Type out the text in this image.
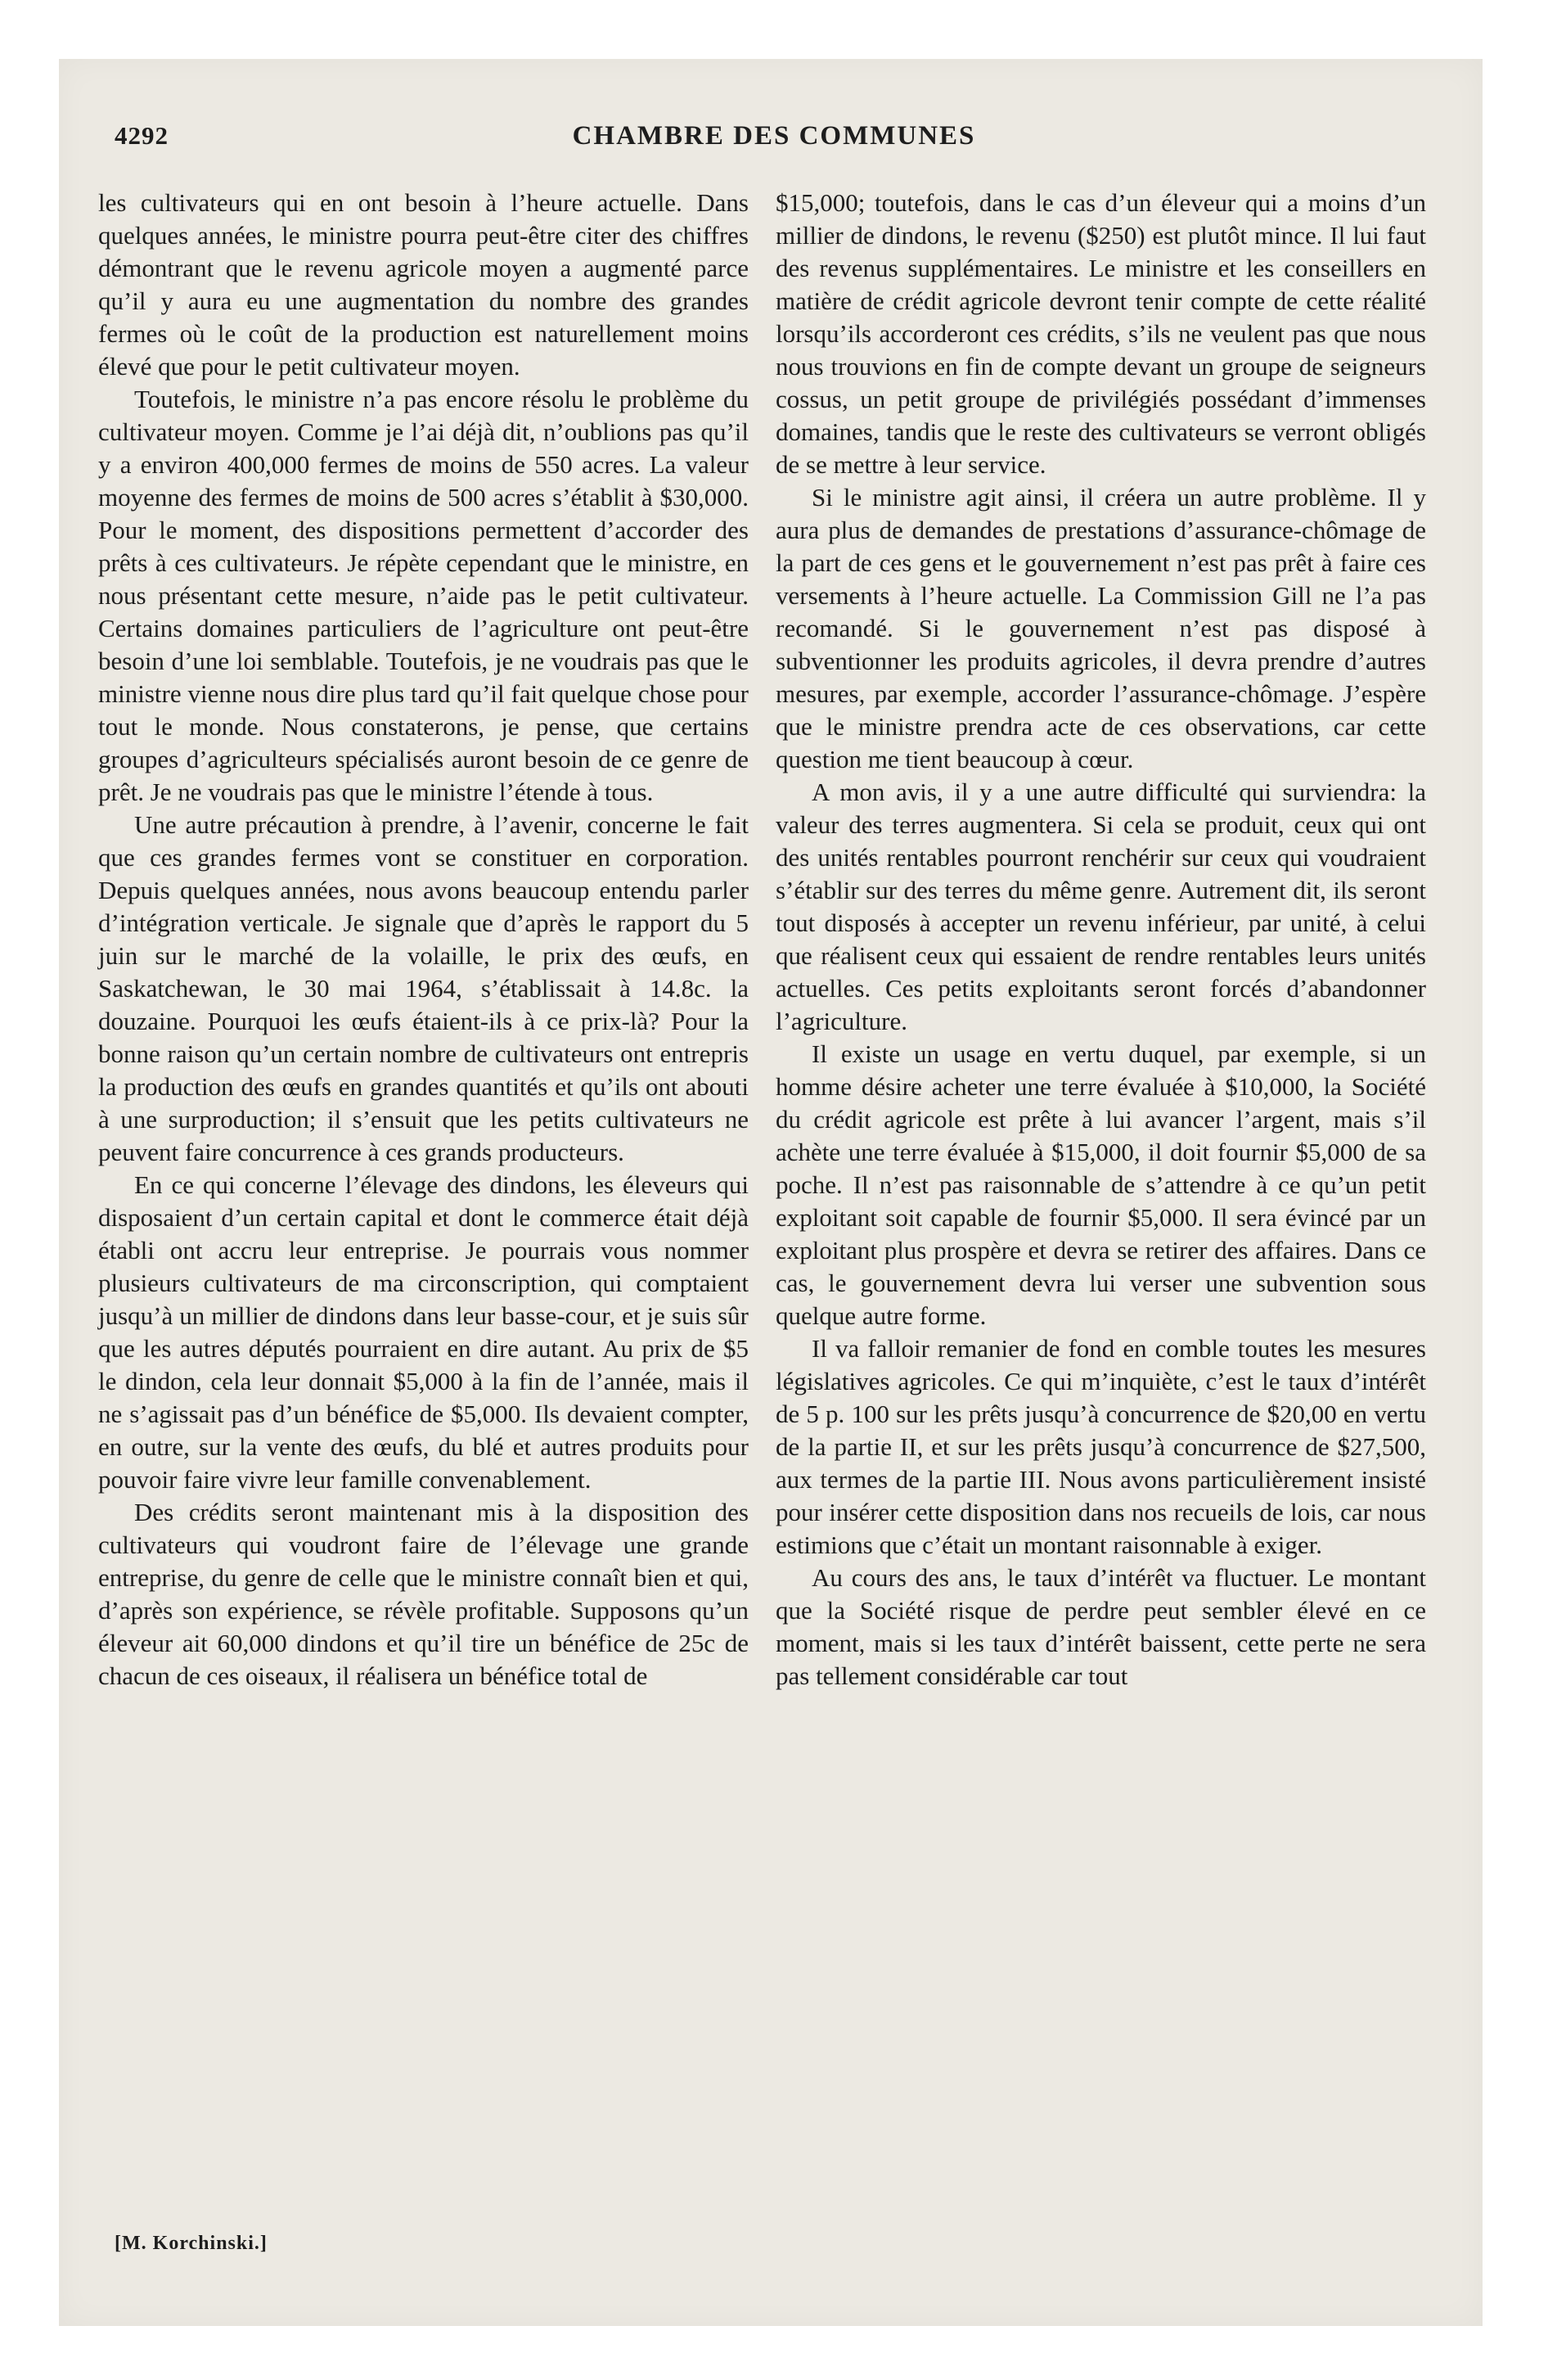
4292	CHAMBRE DES COMMUNES

les cultivateurs qui en ont besoin à l’heure actuelle. Dans quelques années, le ministre pourra peut-être citer des chiffres démontrant que le revenu agricole moyen a augmenté parce qu’il y aura eu une augmentation du nombre des grandes fermes où le coût de la production est naturellement moins élevé que pour le petit cultivateur moyen.

Toutefois, le ministre n’a pas encore résolu le problème du cultivateur moyen. Comme je l’ai déjà dit, n’oublions pas qu’il y a environ 400,000 fermes de moins de 550 acres. La valeur moyenne des fermes de moins de 500 acres s’établit à $30,000. Pour le moment, des dispositions permettent d’accorder des prêts à ces cultivateurs. Je répète cependant que le ministre, en nous présentant cette mesure, n’aide pas le petit cultivateur. Certains domaines particuliers de l’agriculture ont peut-être besoin d’une loi semblable. Toutefois, je ne voudrais pas que le ministre vienne nous dire plus tard qu’il fait quelque chose pour tout le monde. Nous constaterons, je pense, que certains groupes d’agriculteurs spécialisés auront besoin de ce genre de prêt. Je ne voudrais pas que le ministre l’étende à tous.

Une autre précaution à prendre, à l’avenir, concerne le fait que ces grandes fermes vont se constituer en corporation. Depuis quelques années, nous avons beaucoup entendu parler d’intégration verticale. Je signale que d’après le rapport du 5 juin sur le marché de la volaille, le prix des œufs, en Saskatchewan, le 30 mai 1964, s’établissait à 14.8c. la douzaine. Pourquoi les œufs étaient-ils à ce prix-là? Pour la bonne raison qu’un certain nombre de cultivateurs ont entrepris la production des œufs en grandes quantités et qu’ils ont abouti à une surproduction; il s’ensuit que les petits cultivateurs ne peuvent faire concurrence à ces grands producteurs.

En ce qui concerne l’élevage des dindons, les éleveurs qui disposaient d’un certain capital et dont le commerce était déjà établi ont accru leur entreprise. Je pourrais vous nommer plusieurs cultivateurs de ma circonscription, qui comptaient jusqu’à un millier de dindons dans leur basse-cour, et je suis sûr que les autres députés pourraient en dire autant. Au prix de $5 le dindon, cela leur donnait $5,000 à la fin de l’année, mais il ne s’agissait pas d’un bénéfice de $5,000. Ils devaient compter, en outre, sur la vente des œufs, du blé et autres produits pour pouvoir faire vivre leur famille convenablement.

Des crédits seront maintenant mis à la disposition des cultivateurs qui voudront faire de l’élevage une grande entreprise, du genre de celle que le ministre connaît bien et qui, d’après son expérience, se révèle profitable. Supposons qu’un éleveur ait 60,000 dindons et qu’il tire un bénéfice de 25c de chacun de ces oiseaux, il réalisera un bénéfice total de

$15,000; toutefois, dans le cas d’un éleveur qui a moins d’un millier de dindons, le revenu ($250) est plutôt mince. Il lui faut des revenus supplémentaires. Le ministre et les conseillers en matière de crédit agricole devront tenir compte de cette réalité lorsqu’ils accorderont ces crédits, s’ils ne veulent pas que nous nous trouvions en fin de compte devant un groupe de seigneurs cossus, un petit groupe de privilégiés possédant d’immenses domaines, tandis que le reste des cultivateurs se verront obligés de se mettre à leur service.

Si le ministre agit ainsi, il créera un autre problème. Il y aura plus de demandes de prestations d’assurance-chômage de la part de ces gens et le gouvernement n’est pas prêt à faire ces versements à l’heure actuelle. La Commission Gill ne l’a pas recomandé. Si le gouvernement n’est pas disposé à subventionner les produits agricoles, il devra prendre d’autres mesures, par exemple, accorder l’assurance-chômage. J’espère que le ministre prendra acte de ces observations, car cette question me tient beaucoup à cœur.

A mon avis, il y a une autre difficulté qui surviendra: la valeur des terres augmentera. Si cela se produit, ceux qui ont des unités rentables pourront renchérir sur ceux qui voudraient s’établir sur des terres du même genre. Autrement dit, ils seront tout disposés à accepter un revenu inférieur, par unité, à celui que réalisent ceux qui essaient de rendre rentables leurs unités actuelles. Ces petits exploitants seront forcés d’abandonner l’agriculture.

Il existe un usage en vertu duquel, par exemple, si un homme désire acheter une terre évaluée à $10,000, la Société du crédit agricole est prête à lui avancer l’argent, mais s’il achète une terre évaluée à $15,000, il doit fournir $5,000 de sa poche. Il n’est pas raisonnable de s’attendre à ce qu’un petit exploitant soit capable de fournir $5,000. Il sera évincé par un exploitant plus prospère et devra se retirer des affaires. Dans ce cas, le gouvernement devra lui verser une subvention sous quelque autre forme.

Il va falloir remanier de fond en comble toutes les mesures législatives agricoles. Ce qui m’inquiète, c’est le taux d’intérêt de 5 p. 100 sur les prêts jusqu’à concurrence de $20,00 en vertu de la partie II, et sur les prêts jusqu’à concurrence de $27,500, aux termes de la partie III. Nous avons particulièrement insisté pour insérer cette disposition dans nos recueils de lois, car nous estimions que c’était un montant raisonnable à exiger.

Au cours des ans, le taux d’intérêt va fluctuer. Le montant que la Société risque de perdre peut sembler élevé en ce moment, mais si les taux d’intérêt baissent, cette perte ne sera pas tellement considérable car tout

[M. Korchinski.]
